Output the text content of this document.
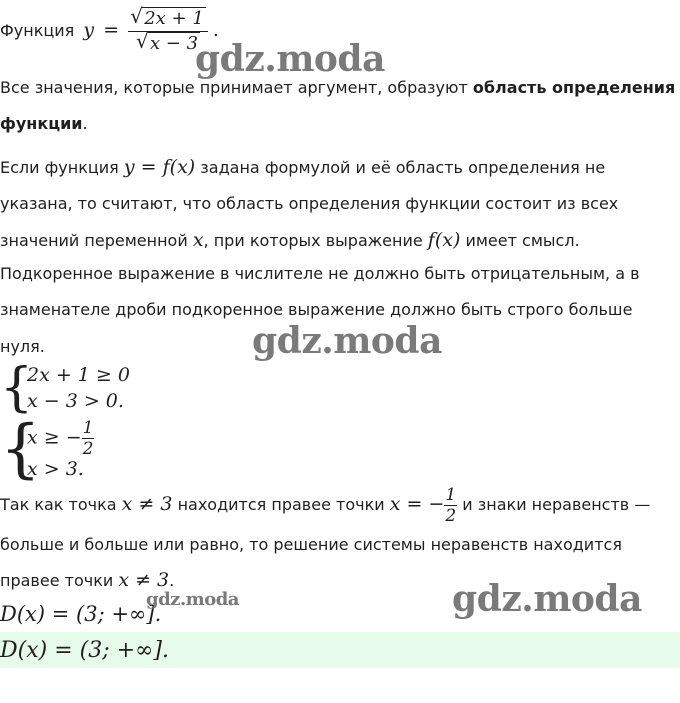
Функция $y = \frac{√ 2x + 1}{√ x - 3}$ .
gdz.moda
Все значения, которые принимает аргумент, образуют область определения
функции.
Если функция y = f(x) задана формулой и её область определения не
указана, то считают, что область определения функции состоит из всех
значений переменной x, при которых выражение f(x) имеет смысл.
Подкоренное выражение в числителе не должно быть отрицательным, а в
знаменателе дроби подкоренное выражение должно быть строго больше
нуля.	gdz.moda
{
2x + 1 ≥ 0
x − 3 > 0.
{
x ≥ − $\frac{1}{2}$
x > 3.
Так как точка x ≠ 3 находится правее точки x = − $\frac{1}{2}$ и знаки неравенств —
больше и больше или равно, то решение системы неравенств находится
правее точки x ≠ 3.	gdz.moda
D(x) = (3; +∞].
gdz.moda
D(x) = (3; +∞].
